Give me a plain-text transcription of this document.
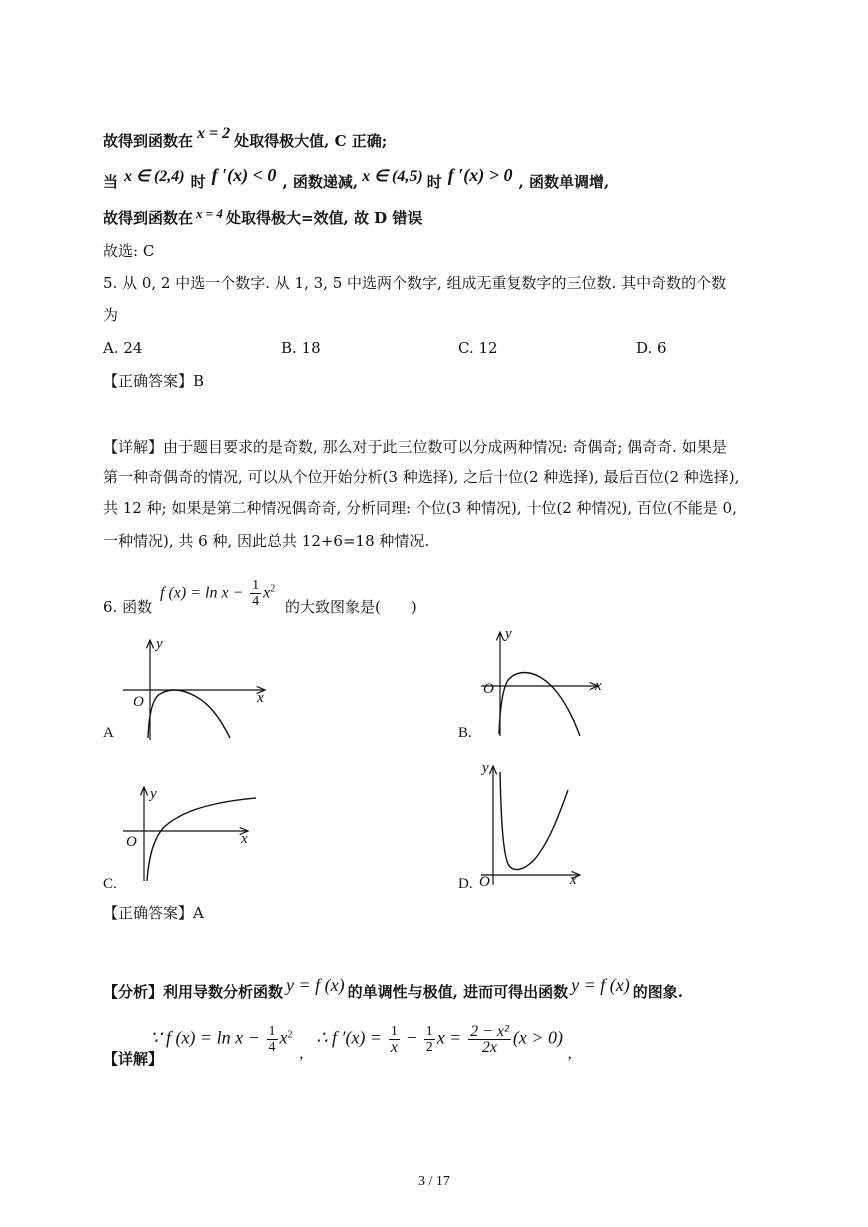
故得到函数在 x = 2 处取得极大值, C 正确;
当 x ∈ (2,4) 时 f ′(x) < 0 , 函数递减, x ∈ (4,5) 时 f ′(x) > 0 , 函数单调增,
故得到函数在 x = 4 处取得极大=效值, 故 D 错误
故选: C
5. 从 0, 2 中选一个数字. 从 1, 3, 5 中选两个数字, 组成无重复数字的三位数. 其中奇数的个数
为
A. 24	B. 18	C. 12	D. 6
【正确答案】B
【详解】由于题目要求的是奇数, 那么对于此三位数可以分成两种情况: 奇偶奇; 偶奇奇. 如果是
第一种奇偶奇的情况, 可以从个位开始分析(3 种选择), 之后十位(2 种选择), 最后百位(2 种选择),
共 12 种; 如果是第二种情况偶奇奇, 分析同理: 个位(3 种情况), 十位(2 种情况), 百位(不能是 0,
一种情况), 共 6 种, 因此总共 12+6=18 种情况.
6. 函数
f $(x) = \ln x - \frac{1}{4} x^2$
的大致图象是(　　)
y
x
O
A
y
x
O
B.
y
x
O
C.
y
x
O
D.
【正确答案】A
【分析】利用导数分析函数 y = f (x) 的单调性与极值, 进而可得出函数 y = f (x) 的图象.
【详解】
∵ f $(x) = \ln x - \frac{1}{4} x^2$ , ∴ f $'(x) = \frac{1}{x} - \frac{1}{2}$ $x = \frac{\text{2 − x²}}{2x} (x > 0)$ ,
3 / 17
